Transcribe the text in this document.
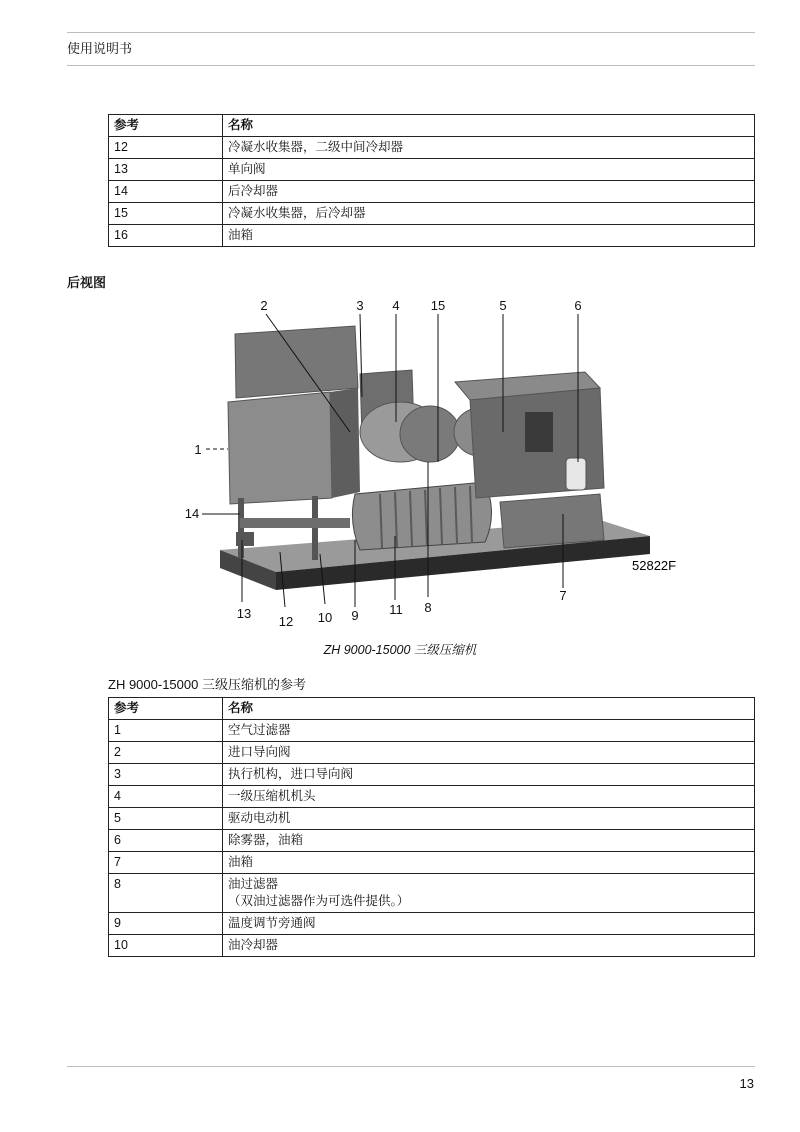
使用说明书
参考	名称
12	冷凝水收集器，二级中间冷却器
13	单向阀
14	后冷却器
15	冷凝水收集器，后冷却器
16	油箱
后视图
2	3 4 15	5	6
1
14
13
12 10 9 11 8
7
52822F
ZH 9000-15000 三级压缩机
ZH 9000-15000 三级压缩机的参考
参考	名称
1	空气过滤器
2	进口导向阀
3	执行机构，进口导向阀
4	一级压缩机机头
5	驱动电动机
6	除雾器，油箱
7	油箱
8	油过滤器
（双油过滤器作为可选件提供。）

9	温度调节旁通阀
10	油冷却器
13
